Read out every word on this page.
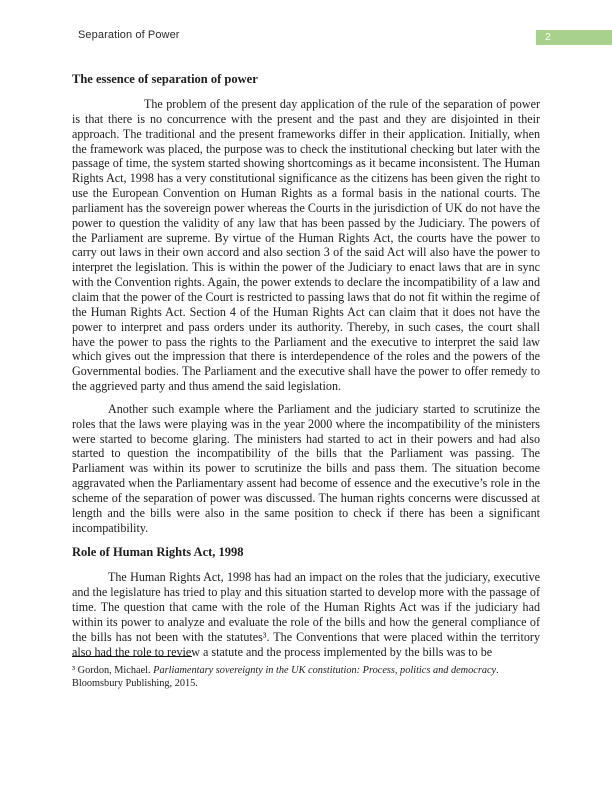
Separation of Power	2
The essence of separation of power

The problem of the present day application of the rule of the separation of power is that there is no concurrence with the present and the past and they are disjointed in their approach. The traditional and the present frameworks differ in their application. Initially, when the framework was placed, the purpose was to check the institutional checking but later with the passage of time, the system started showing shortcomings as it became inconsistent. The Human Rights Act, 1998 has a very constitutional significance as the citizens has been given the right to use the European Convention on Human Rights as a formal basis in the national courts. The parliament has the sovereign power whereas the Courts in the jurisdiction of UK do not have the power to question the validity of any law that has been passed by the Judiciary. The powers of the Parliament are supreme. By virtue of the Human Rights Act, the courts have the power to carry out laws in their own accord and also section 3 of the said Act will also have the power to interpret the legislation. This is within the power of the Judiciary to enact laws that are in sync with the Convention rights. Again, the power extends to declare the incompatibility of a law and claim that the power of the Court is restricted to passing laws that do not fit within the regime of the Human Rights Act. Section 4 of the Human Rights Act can claim that it does not have the power to interpret and pass orders under its authority. Thereby, in such cases, the court shall have the power to pass the rights to the Parliament and the executive to interpret the said law which gives out the impression that there is interdependence of the roles and the powers of the Governmental bodies. The Parliament and the executive shall have the power to offer remedy to the aggrieved party and thus amend the said legislation.

Another such example where the Parliament and the judiciary started to scrutinize the roles that the laws were playing was in the year 2000 where the incompatibility of the ministers were started to become glaring. The ministers had started to act in their powers and had also started to question the incompatibility of the bills that the Parliament was passing. The Parliament was within its power to scrutinize the bills and pass them. The situation become aggravated when the Parliamentary assent had become of essence and the executive’s role in the scheme of the separation of power was discussed. The human rights concerns were discussed at length and the bills were also in the same position to check if there has been a significant incompatibility.

Role of Human Rights Act, 1998

The Human Rights Act, 1998 has had an impact on the roles that the judiciary, executive and the legislature has tried to play and this situation started to develop more with the passage of time. The question that came with the role of the Human Rights Act was if the judiciary had within its power to analyze and evaluate the role of the bills and how the general compliance of the bills has not been with the statutes³. The Conventions that were placed within the territory also had the role to review a statute and the process implemented by the bills was to be

³ Gordon, Michael. Parliamentary sovereignty in the UK constitution: Process, politics and democracy. Bloomsbury Publishing, 2015.
